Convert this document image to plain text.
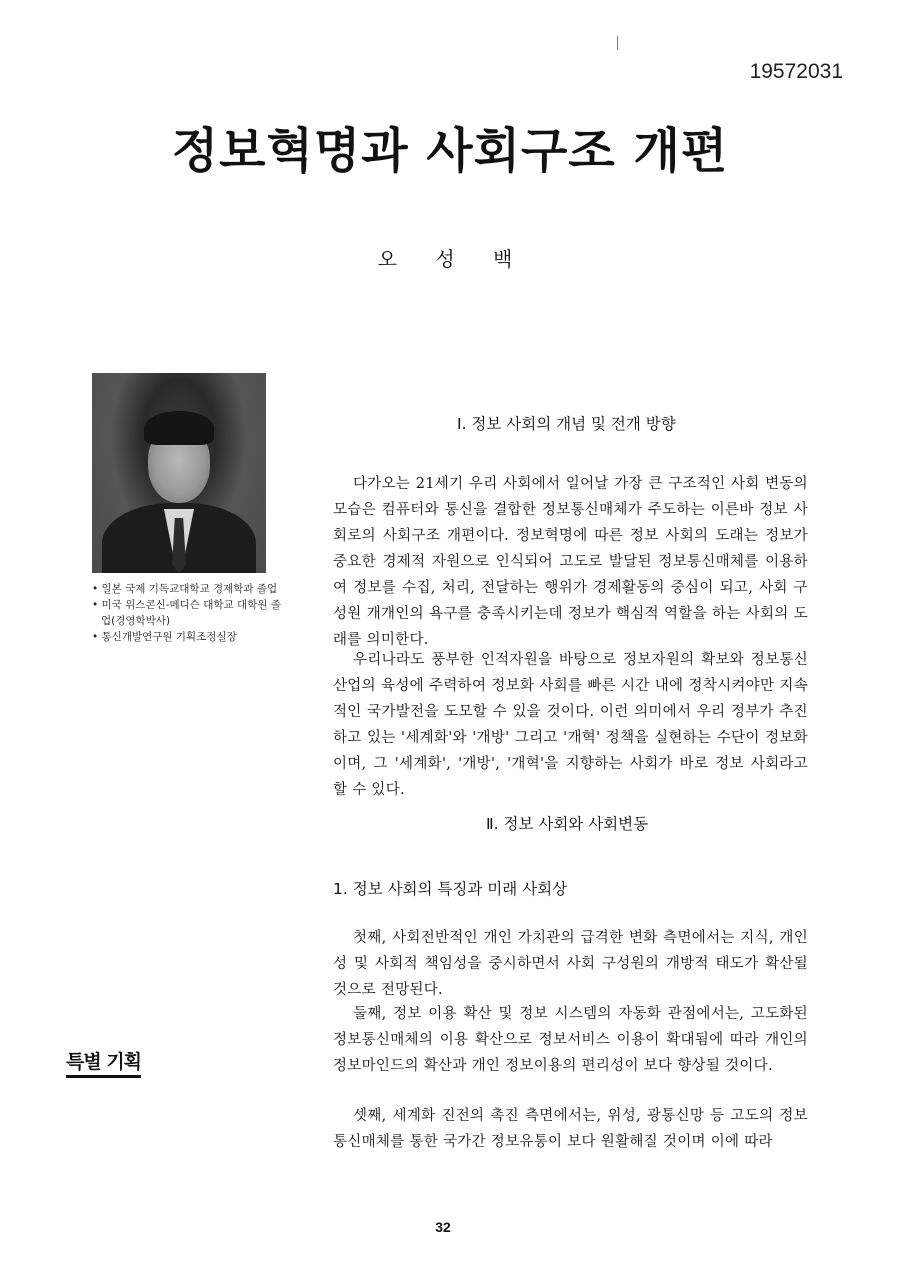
19572031
정보혁명과 사회구조 개편
오 성 백
• 일본 국제 기독교대학교 경제학과 졸업
• 미국 위스콘신-메디슨 대학교 대학원 졸업(경영학박사)
• 통신개발연구원 기획조정실장
Ⅰ. 정보 사회의 개념 및 전개 방향

다가오는 21세기 우리 사회에서 일어날 가장 큰 구조적인 사회 변동의 모습은 컴퓨터와 통신을 결합한 정보통신매체가 주도하는 이른바 정보 사회로의 사회구조 개편이다. 정보혁명에 따른 정보 사회의 도래는 정보가 중요한 경제적 자원으로 인식되어 고도로 발달된 정보통신매체를 이용하여 정보를 수집, 처리, 전달하는 행위가 경제활동의 중심이 되고, 사회 구성원 개개인의 욕구를 충족시키는데 정보가 핵심적 역할을 하는 사회의 도래를 의미한다.

우리나라도 풍부한 인적자원을 바탕으로 정보자원의 확보와 정보통신 산업의 육성에 주력하여 정보화 사회를 빠른 시간 내에 정착시켜야만 지속적인 국가발전을 도모할 수 있을 것이다. 이런 의미에서 우리 정부가 추진하고 있는 '세계화'와 '개방' 그리고 '개혁' 정책을 실현하는 수단이 정보화이며, 그 '세계화', '개방', '개혁'을 지향하는 사회가 바로 정보 사회라고 할 수 있다.

Ⅱ. 정보 사회와 사회변동
1. 정보 사회의 특징과 미래 사회상

첫째, 사회전반적인 개인 가치관의 급격한 변화 측면에서는 지식, 개인성 및 사회적 책임성을 중시하면서 사회 구성원의 개방적 태도가 확산될 것으로 전망된다.

둘째, 정보 이용 확산 및 정보 시스템의 자동화 관점에서는, 고도화된 정보통신매체의 이용 확산으로 정보서비스 이용이 확대됨에 따라 개인의 정보마인드의 확산과 개인 정보이용의 편리성이 보다 향상될 것이다.

셋째, 세계화 진전의 촉진 측면에서는, 위성, 광통신망 등 고도의 정보통신매체를 통한 국가간 정보유통이 보다 원활해질 것이며 이에 따라

특별 기획
32
